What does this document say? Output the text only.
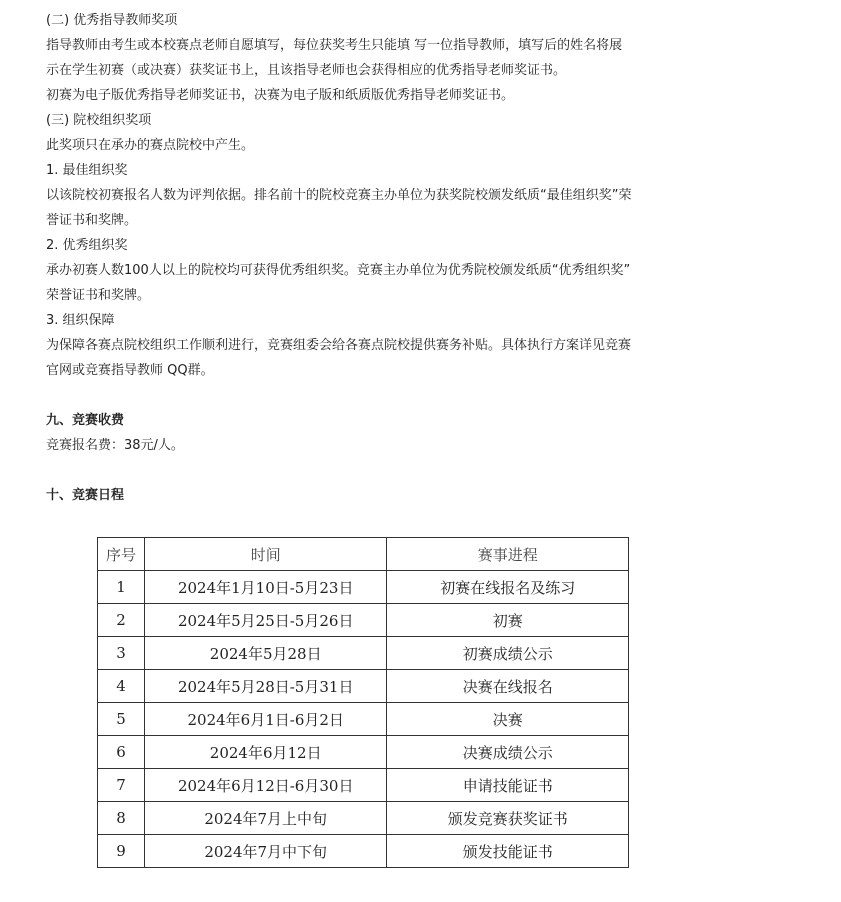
(二) 优秀指导教师奖项
指导教师由考生或本校赛点老师自愿填写，每位获奖考生只能填 写一位指导教师，填写后的姓名将展
示在学生初赛（或决赛）获奖证书上，且该指导老师也会获得相应的优秀指导老师奖证书。
初赛为电子版优秀指导老师奖证书，决赛为电子版和纸质版优秀指导老师奖证书。
(三) 院校组织奖项
此奖项只在承办的赛点院校中产生。
1. 最佳组织奖
以该院校初赛报名人数为评判依据。排名前十的院校竞赛主办单位为获奖院校颁发纸质“最佳组织奖”荣
誉证书和奖牌。
2. 优秀组织奖
承办初赛人数100人以上的院校均可获得优秀组织奖。竞赛主办单位为优秀院校颁发纸质“优秀组织奖”
荣誉证书和奖牌。
3. 组织保障
为保障各赛点院校组织工作顺利进行，竞赛组委会给各赛点院校提供赛务补贴。具体执行方案详见竞赛
官网或竞赛指导教师 QQ群。
九、竞赛收费
竞赛报名费：38元/人。
十、竞赛日程
序号	时间	赛事进程
1	2024年1月10日-5月23日	初赛在线报名及练习
2	2024年5月25日-5月26日	初赛
3	2024年5月28日	初赛成绩公示
4	2024年5月28日-5月31日	决赛在线报名
5	2024年6月1日-6月2日	决赛
6	2024年6月12日	决赛成绩公示
7	2024年6月12日-6月30日	申请技能证书
8	2024年7月上中旬	颁发竞赛获奖证书
9	2024年7月中下旬	颁发技能证书
